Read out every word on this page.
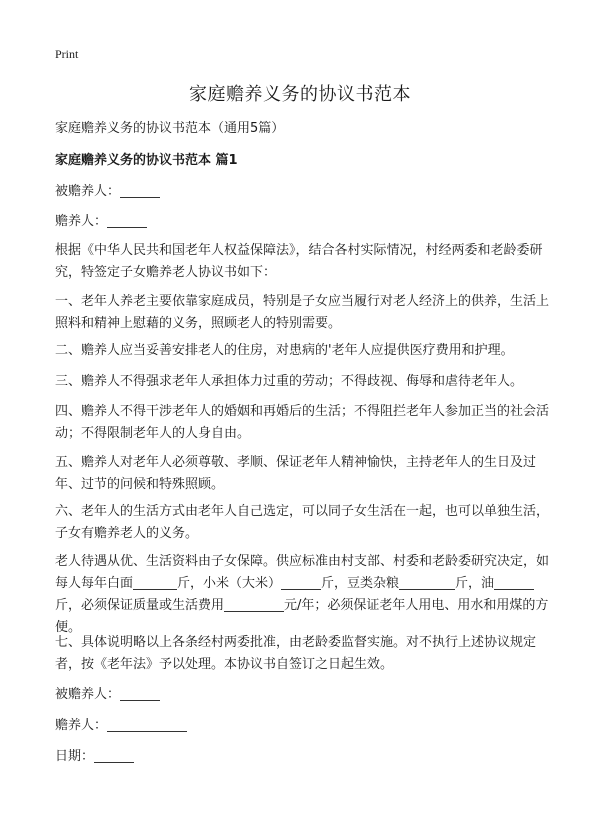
Print
家庭赡养义务的协议书范本
家庭赡养义务的协议书范本（通用5篇）
家庭赡养义务的协议书范本 篇1
被赡养人：
赡养人：
根据《中华人民共和国老年人权益保障法》，结合各村实际情况，村经两委和老龄委研究，特签定子女赡养老人协议书如下：
一、老年人养老主要依靠家庭成员，特别是子女应当履行对老人经济上的供养，生活上照料和精神上慰藉的义务，照顾老人的特别需要。
二、赡养人应当妥善安排老人的住房，对患病的'老年人应提供医疗费用和护理。
三、赡养人不得强求老年人承担体力过重的劳动；不得歧视、侮辱和虐待老年人。
四、赡养人不得干涉老年人的婚姻和再婚后的生活；不得阻拦老年人参加正当的社会活动；不得限制老年人的人身自由。
五、赡养人对老年人必须尊敬、孝顺、保证老年人精神愉快，主持老年人的生日及过年、过节的问候和特殊照顾。
六、老年人的生活方式由老年人自己选定，可以同子女生活在一起，也可以单独生活，子女有赡养老人的义务。
老人待遇从优、生活资料由子女保障。供应标准由村支部、村委和老龄委研究决定，如每人每年白面	斤，小米（大米）	斤，豆类杂粮	斤，油斤，必须保证质量或生活费用	元/年；必须保证老年人用电、用水和用煤的方便。
七、具体说明略以上各条经村两委批准，由老龄委监督实施。对不执行上述协议规定者，按《老年法》予以处理。本协议书自签订之日起生效。
被赡养人：
赡养人：
日期：
